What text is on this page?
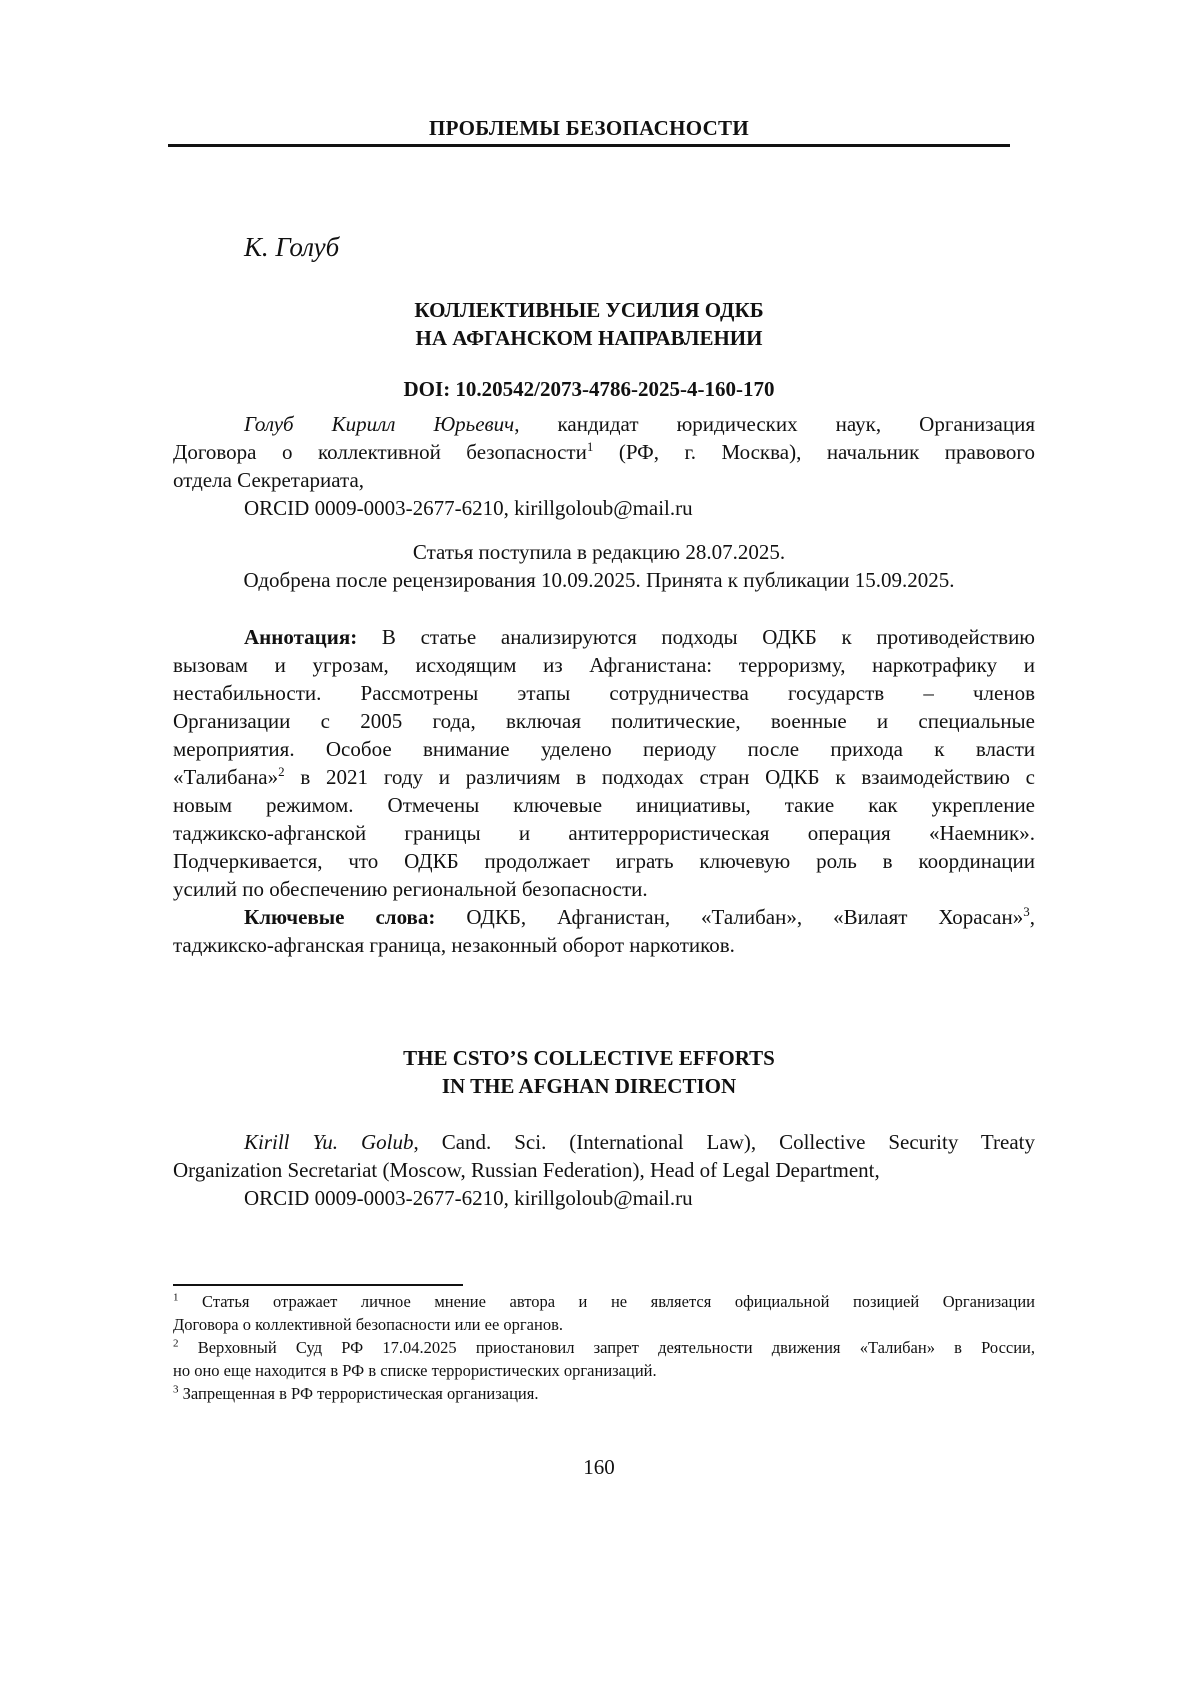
ПРОБЛЕМЫ БЕЗОПАСНОСТИ
К. Голуб
КОЛЛЕКТИВНЫЕ УСИЛИЯ ОДКБ
НА АФГАНСКОМ НАПРАВЛЕНИИ
DOI: 10.20542/2073-4786-2025-4-160-170
Голуб Кирилл Юрьевич, кандидат юридических наук, Организация
Договора о коллективной безопасности$^1$ (РФ, г. Москва), начальник правового
отдела Секретариата,
ORCID 0009-0003-2677-6210, kirillgoloub@mail.ru
Статья поступила в редакцию 28.07.2025.
Одобрена после рецензирования 10.09.2025. Принята к публикации 15.09.2025.
Аннотация: В статье анализируются подходы ОДКБ к противодействию
вызовам и угрозам, исходящим из Афганистана: терроризму, наркотрафику и
нестабильности. Рассмотрены этапы сотрудничества государств – членов
Организации с 2005 года, включая политические, военные и специальные
мероприятия. Особое внимание уделено периоду после прихода к власти
«Талибана»$^2$ в 2021 году и различиям в подходах стран ОДКБ к взаимодействию с
новым режимом. Отмечены ключевые инициативы, такие как укрепление
таджикско-афганской границы и антитеррористическая операция «Наемник».
Подчеркивается, что ОДКБ продолжает играть ключевую роль в координации
усилий по обеспечению региональной безопасности.
Ключевые слова: ОДКБ, Афганистан, «Талибан», «Вилаят Хорасан»$^3$,
таджикско-афганская граница, незаконный оборот наркотиков.
THE CSTO’S COLLECTIVE EFFORTS
IN THE AFGHAN DIRECTION
Kirill Yu. Golub, Cand. Sci. (International Law), Collective Security Treaty
Organization Secretariat (Moscow, Russian Federation), Head of Legal Department,
ORCID 0009-0003-2677-6210, kirillgoloub@mail.ru
$^1$ Статья отражает личное мнение автора и не является официальной позицией Организации
Договора о коллективной безопасности или ее органов.
$^2$ Верховный Суд РФ 17.04.2025 приостановил запрет деятельности движения «Талибан» в России,
но оно еще находится в РФ в списке террористических организаций.
$^3$ Запрещенная в РФ террористическая организация.
160
